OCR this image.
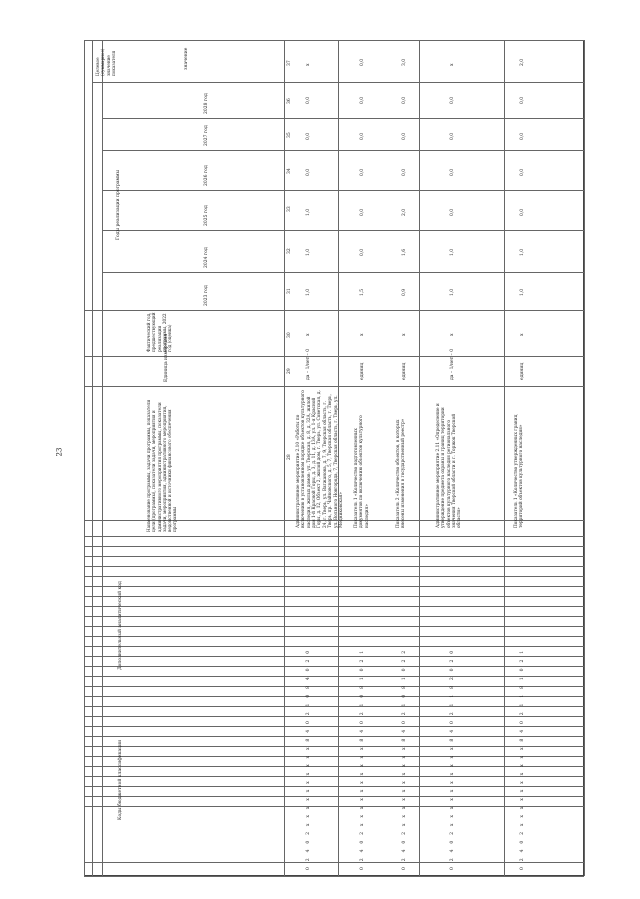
23
Коды бюджетной классификации
Дополнительный аналитический код
Наименование программы, задачи программы, показатели цели (программы), показатели задачи, мероприятия и административного мероприятия программы, показатели задачи, мероприятия, административного мероприятия, ведомственной и источники финансового обеспечения программы
Единица измерения
Фактический год, предшествующий реализации программы, 2022 год (оценка)
Годы реализации программы
Целевое (суммарное) значение показателя	значение
2023 год
2024 год
2025 год
2026 год
2027 год
2028 год
28
29
30
31
32
33
34
35
36
37
Административное мероприятие 2.10 «Работы по включению в установленном порядке объектов культурного наследия, жилых домов: ул. Тверская, д. 8, д. 32А, жилой дом 1-й Красной Горы, д. 3, д. 11, д. 13А, ул. 1-я Красной Горы, д. 12, Объект 2, жилой дом, г. Тверь, ул. Советская, д. 24, г. Тверь, ул. Вагжанова, д. 7, 9, Тверская область, г. Тверь, пр. Чайковского, д. 5, 7, Тверская область, г. Тверь, ул. Вольного Новгорода, 7, Тверская область, г. Тверь, ул. Медниковская»
да – 1/нет – 0
х
1,0
1,0
1,0
0,0
0,0
0,0
х
0 2 4 0 2 х х х х х х х х х х 8 4 0 2 1 0 8 4 0 2 0
Показатель 1 «Количество подготовленных документов по включению объектов культурного наследия»
единиц
х
1,5
0,0
0,0
0,0
0,0
0,0
0,0
0 2 4 0 2 х х х х х х х х х х 8 4 0 2 1 0 8 1 0 2 1
Показатель 2 «Количество объектов, в которых внесены изменения в государственный реестр»
единиц
х
0,9
1,6
2,0
0,0
0,0
0,0
3,0
0 2 4 0 2 х х х х х х х х х х 8 4 0 2 1 0 8 1 0 2 2
Административное мероприятие 2.11 «Определение и утверждение предмета охраны и границ территории объектов культурного наследия регионального значения Тверской области и г. Торжок Тверской области»
да – 1/нет – 0
х
1,0
1,0
0,0
0,0
0,0
0,0
х
0 2 4 0 2 х х х х х х х х х х 8 4 0 2 1 1 8 2 0 2 0
Показатель 1 «Количество утвержденных границ территорий объектов культурного наследия»
единиц
х
1,0
1,0
0,0
0,0
0,0
0,0
2,0
0 2 4 0 2 х х х х х х х х х х 8 4 0 2 1 1 8 1 0 2 1
